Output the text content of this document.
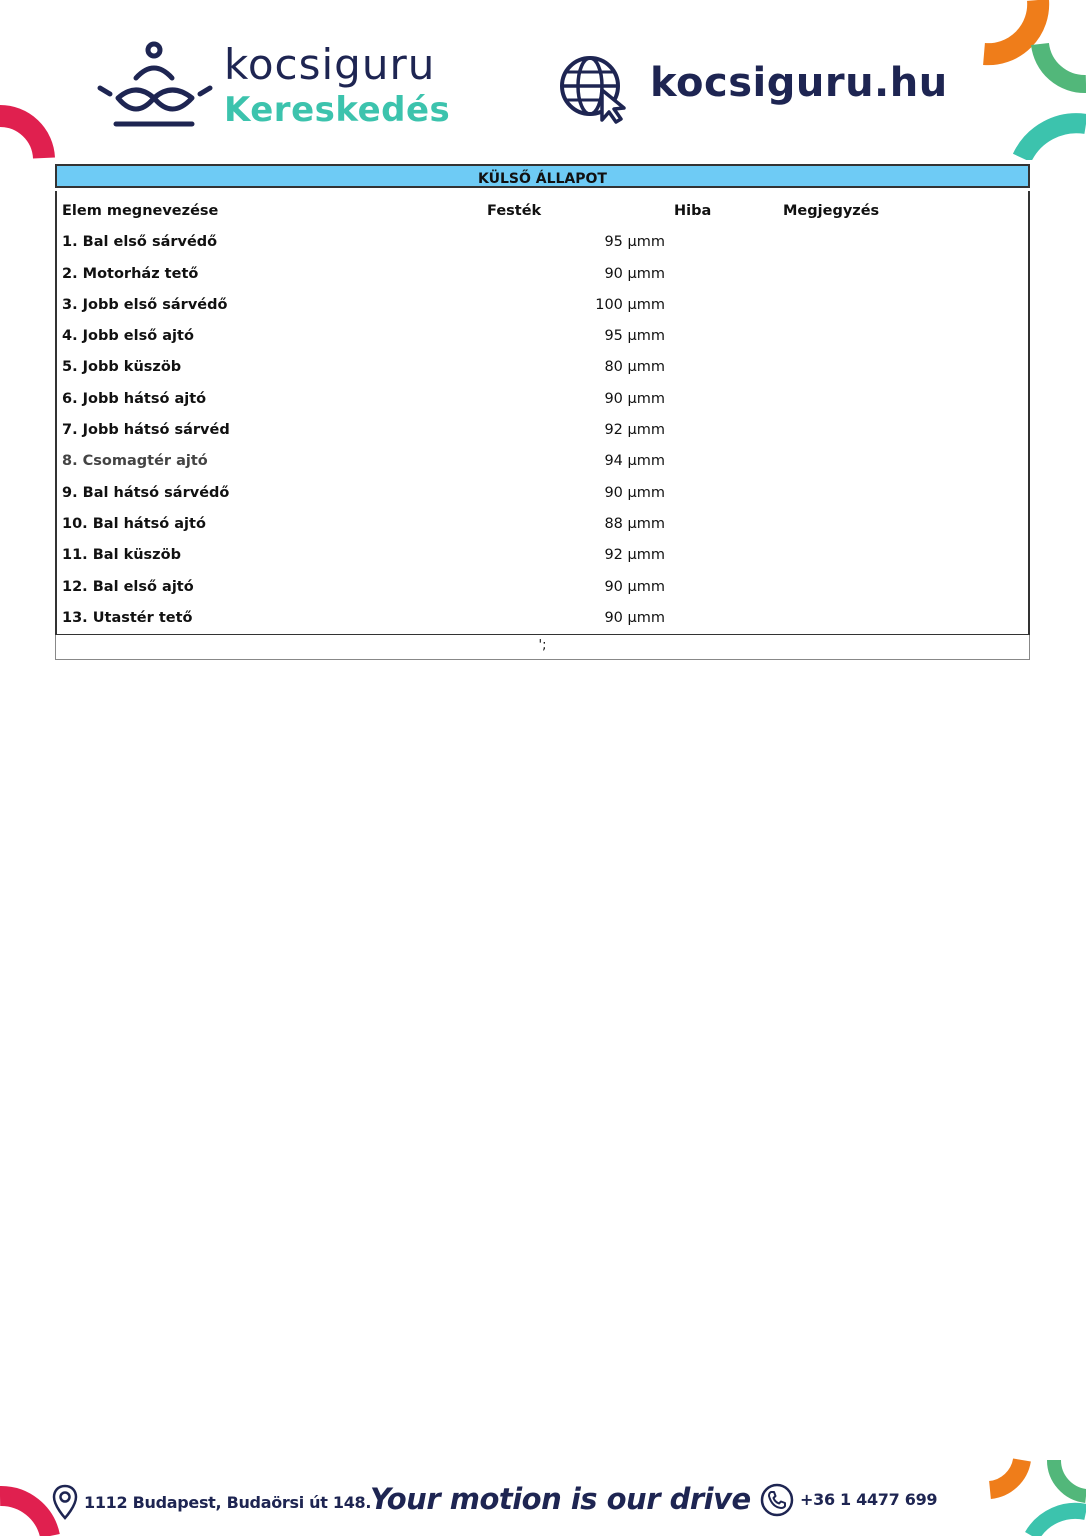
kocsiguru
Kereskedés
kocsiguru.hu
KÜLSŐ ÁLLAPOT
Elem megnevezése	Festék	Hiba	Megjegyzés
1. Bal első sárvédő	95 µmm
2. Motorház tető	90 µmm
3. Jobb első sárvédő	100 µmm
4. Jobb első ajtó	95 µmm
5. Jobb küszöb	80 µmm
6. Jobb hátsó ajtó	90 µmm
7. Jobb hátsó sárvéd	92 µmm
8. Csomagtér ajtó	94 µmm
9. Bal hátsó sárvédő	90 µmm
10. Bal hátsó ajtó	88 µmm
11. Bal küszöb	92 µmm
12. Bal első ajtó	90 µmm
13. Utastér tető	90 µmm
';
1112 Budapest, Budaörsi út 148.
Your motion is our drive	+36 1 4477 699
